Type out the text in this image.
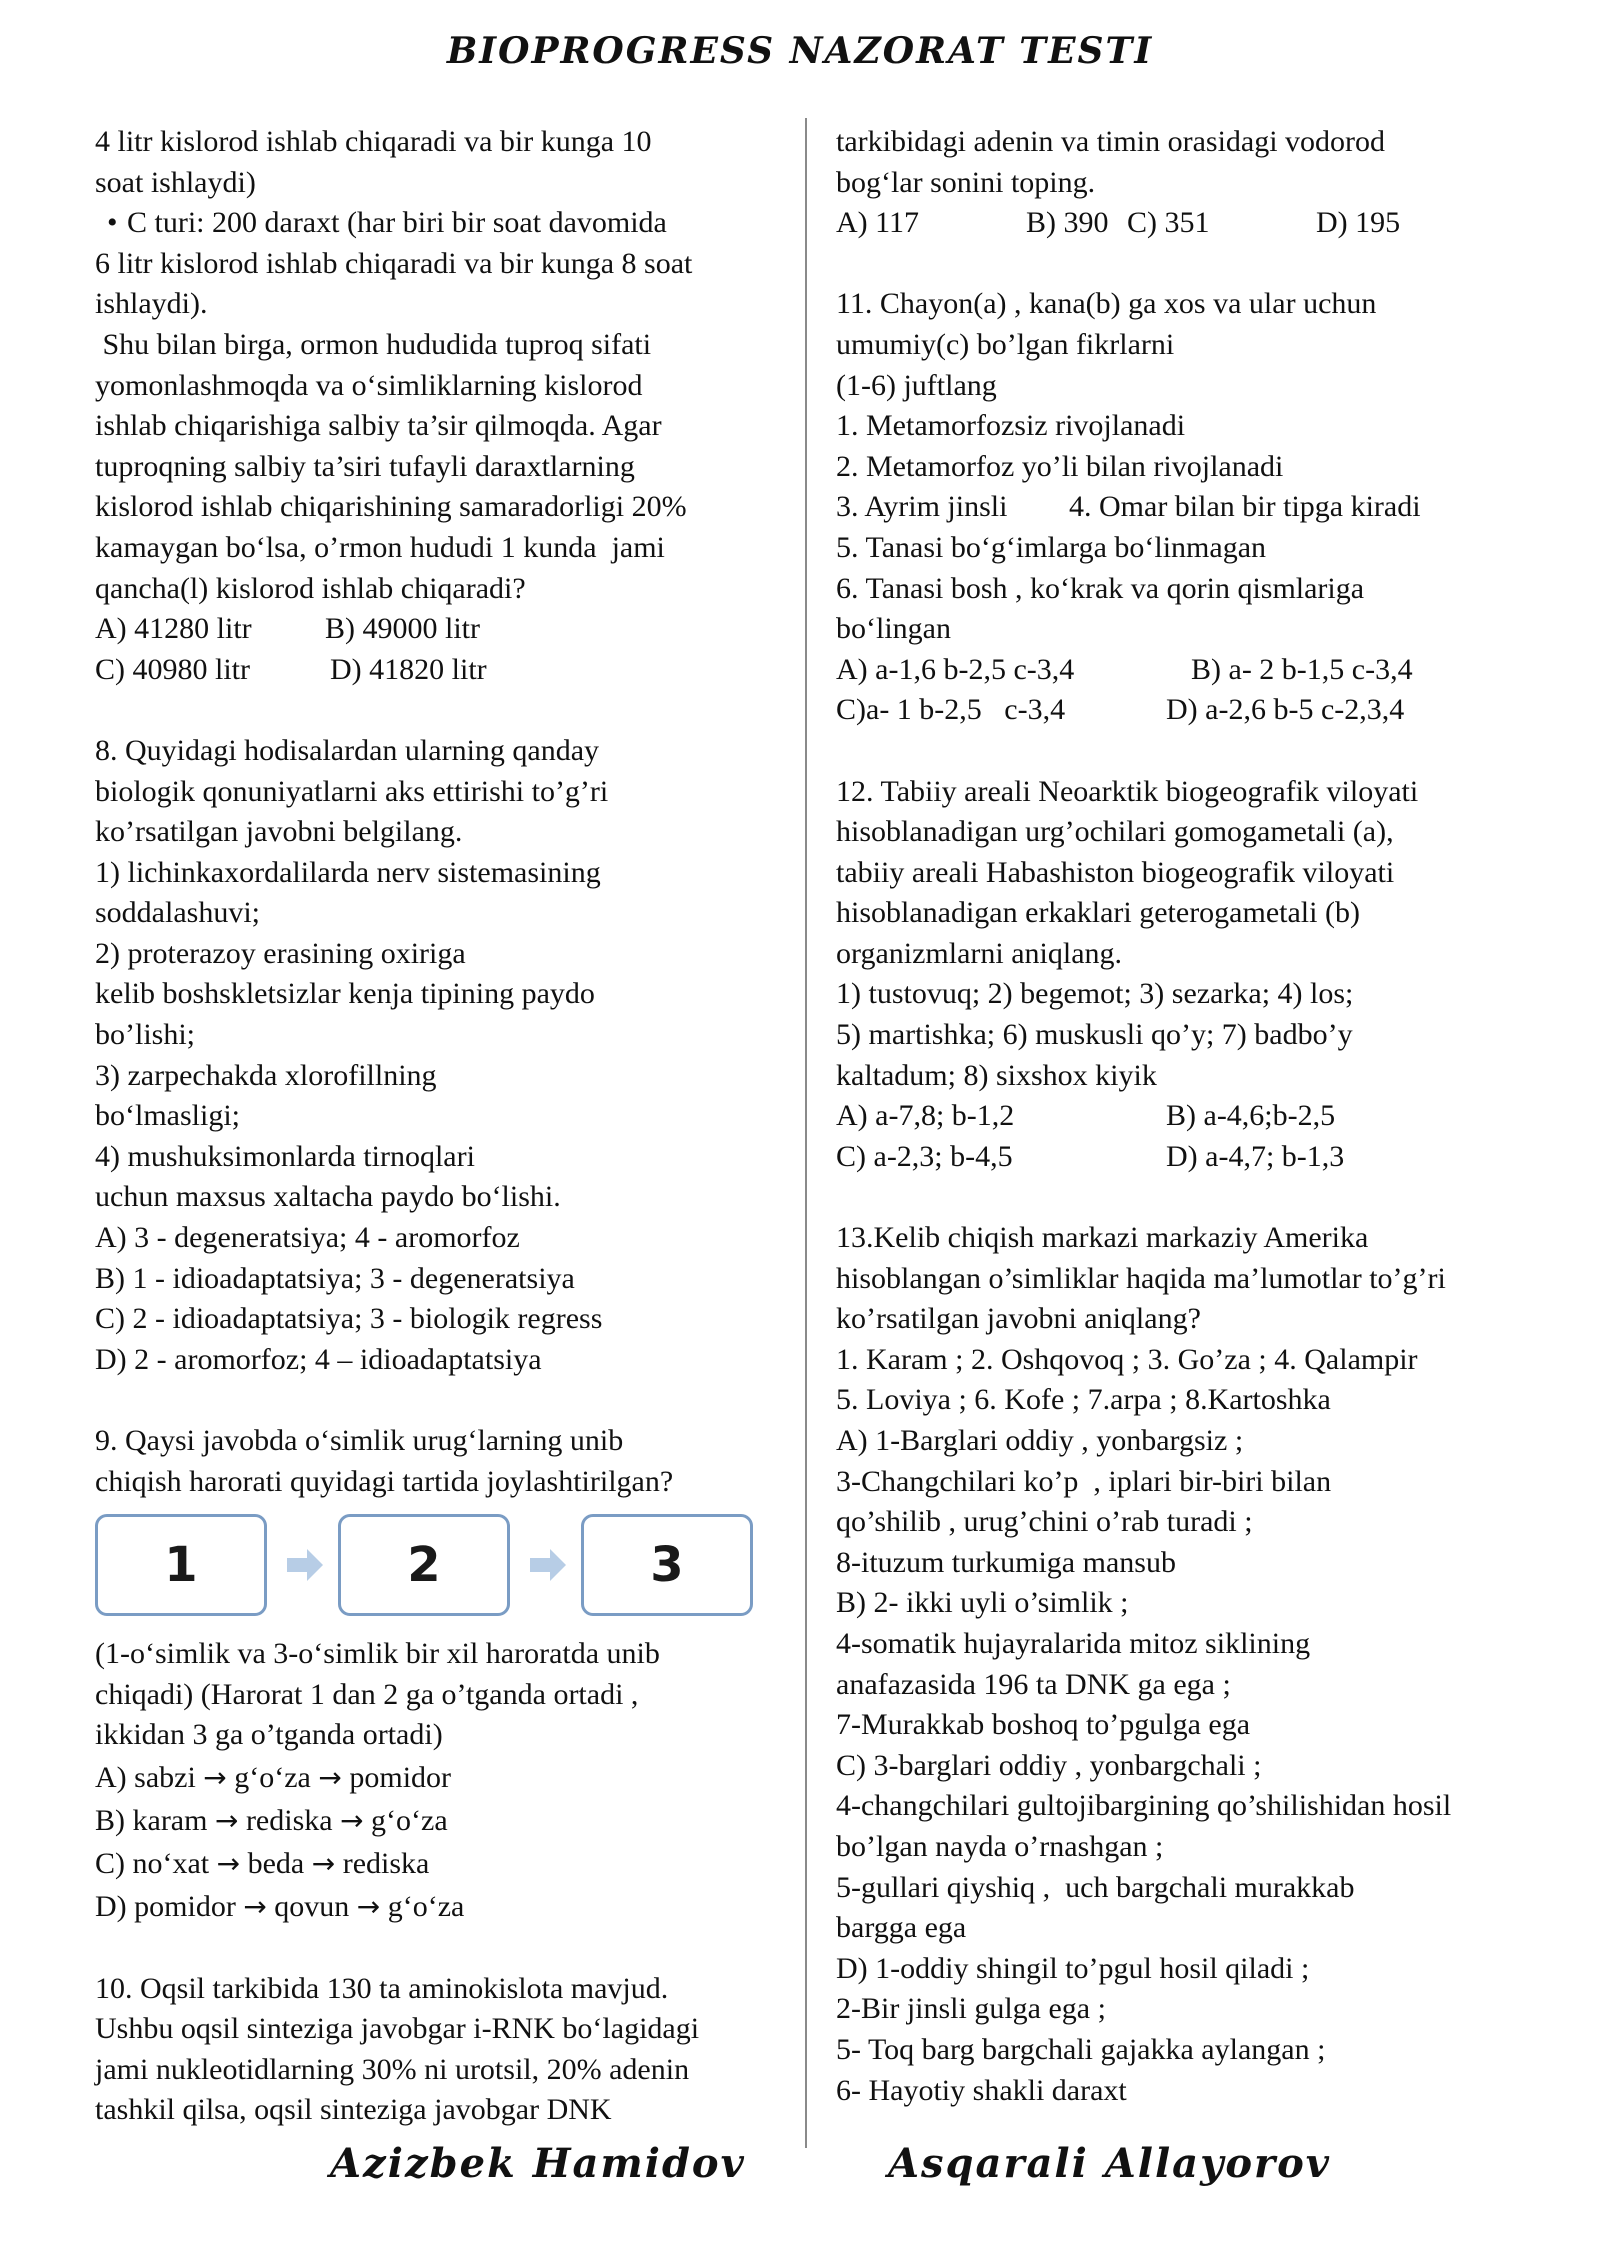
BIOPROGRESS NAZORAT TESTI
4 litr kislorod ishlab chiqaradi va bir kunga 10
soat ishlaydi)
• C turi: 200 daraxt (har biri bir soat davomida
6 litr kislorod ishlab chiqaradi va bir kunga 8 soat
ishlaydi).
Shu bilan birga, ormon hududida tuproq sifati
yomonlashmoqda va o‘simliklarning kislorod
ishlab chiqarishiga salbiy ta’sir qilmoqda. Agar
tuproqning salbiy ta’siri tufayli daraxtlarning
kislorod ishlab chiqarishining samaradorligi 20%
kamaygan bo‘lsa, o’rmon hududi 1 kunda  jami
qancha(l) kislorod ishlab chiqaradi?
A) 41280 litr B) 49000 litr
C) 40980 litr	D) 41820 litr
8. Quyidagi hodisalardan ularning qanday
biologik qonuniyatlarni aks ettirishi to’g’ri
ko’rsatilgan javobni belgilang.
1) lichinkaxordalilarda nerv sistemasining
soddalashuvi;
2) proterazoy erasining oxiriga
kelib boshskletsizlar kenja tipining paydo
bo’lishi;
3) zarpechakda xlorofillning
bo‘lmasligi;
4) mushuksimonlarda tirnoqlari
uchun maxsus xaltacha paydo bo‘lishi.
A) 3 - degeneratsiya; 4 - aromorfoz
B) 1 - idioadaptatsiya; 3 - degeneratsiya
C) 2 - idioadaptatsiya; 3 - biologik regress
D) 2 - aromorfoz; 4 – idioadaptatsiya
9. Qaysi javobda o‘simlik urug‘larning unib
chiqish harorati quyidagi tartida joylashtirilgan?
1	2	3
(1-o‘simlik va 3-o‘simlik bir xil haroratda unib
chiqadi) (Harorat 1 dan 2 ga o’tganda ortadi ,
ikkidan 3 ga o’tganda ortadi)
A) sabzi → g‘o‘za → pomidor
B) karam → rediska → g‘o‘za
C) no‘xat → beda → rediska
D) pomidor → qovun → g‘o‘za
10. Oqsil tarkibida 130 ta aminokislota mavjud.
Ushbu oqsil sinteziga javobgar i-RNK bo‘lagidagi
jami nukleotidlarning 30% ni urotsil, 20% adenin
tashkil qilsa, oqsil sinteziga javobgar DNK
tarkibidagi adenin va timin orasidagi vodorod
bog‘lar sonini toping.
A) 117	B) 390 C) 351	D) 195
11. Chayon(a) , kana(b) ga xos va ular uchun
umumiy(c) bo’lgan fikrlarni
(1-6) juftlang
1. Metamorfozsiz rivojlanadi
2. Metamorfoz yo’li bilan rivojlanadi
3. Ayrim jinsli 4. Omar bilan bir tipga kiradi
5. Tanasi bo‘g‘imlarga bo‘linmagan
6. Tanasi bosh , ko‘krak va qorin qismlariga
bo‘lingan
A) a-1,6 b-2,5 c-3,4	B) a- 2 b-1,5 c-3,4
C)a- 1 b-2,5   c-3,4	D) a-2,6 b-5 c-2,3,4
12. Tabiiy areali Neoarktik biogeografik viloyati
hisoblanadigan urg’ochilari gomogametali (a),
tabiiy areali Habashiston biogeografik viloyati
hisoblanadigan erkaklari geterogametali (b)
organizmlarni aniqlang.
1) tustovuq; 2) begemot; 3) sezarka; 4) los;
5) martishka; 6) muskusli qo’y; 7) badbo’y
kaltadum; 8) sixshox kiyik
A) a-7,8; b-1,2	B) a-4,6;b-2,5
C) a-2,3; b-4,5	D) a-4,7; b-1,3
13.Kelib chiqish markazi markaziy Amerika
hisoblangan o’simliklar haqida ma’lumotlar to’g’ri
ko’rsatilgan javobni aniqlang?
1. Karam ; 2. Oshqovoq ; 3. Go’za ; 4. Qalampir
5. Loviya ; 6. Kofe ; 7.arpa ; 8.Kartoshka
A) 1-Barglari oddiy , yonbargsiz ;
3-Changchilari ko’p  , iplari bir-biri bilan
qo’shilib , urug’chini o’rab turadi ;
8-ituzum turkumiga mansub
B) 2- ikki uyli o’simlik ;
4-somatik hujayralarida mitoz siklining
anafazasida 196 ta DNK ga ega ;
7-Murakkab boshoq to’pgulga ega
C) 3-barglari oddiy , yonbargchali ;
4-changchilari gultojibargining qo’shilishidan hosil
bo’lgan nayda o’rnashgan ;
5-gullari qiyshiq ,  uch bargchali murakkab
bargga ega
D) 1-oddiy shingil to’pgul hosil qiladi ;
2-Bir jinsli gulga ega ;
5- Toq barg bargchali gajakka aylangan ;
6- Hayotiy shakli daraxt
Azizbek Hamidov	Asqarali Allayorov
